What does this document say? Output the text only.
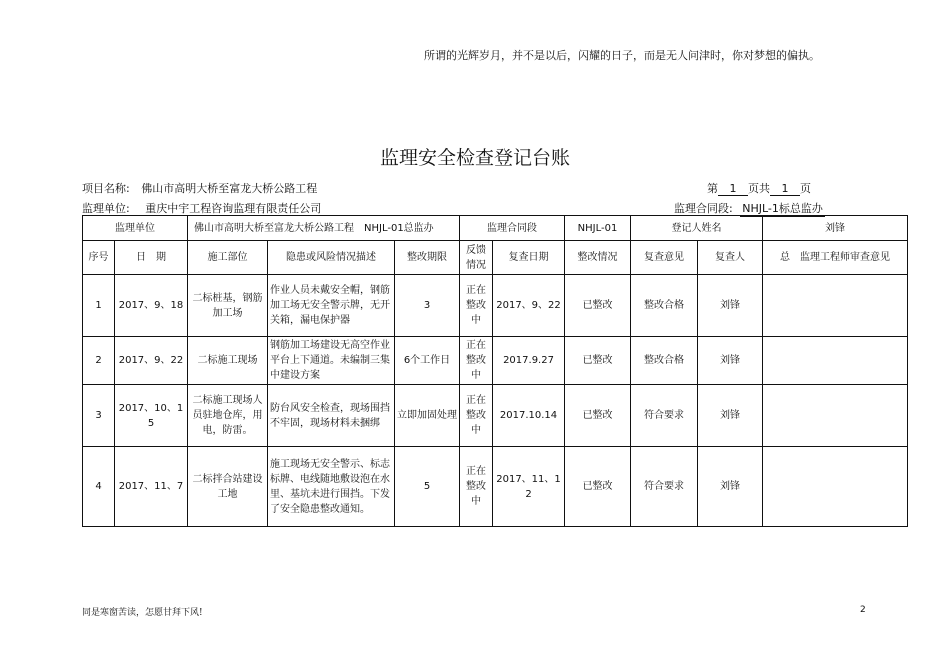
所谓的光辉岁月，并不是以后，闪耀的日子，而是无人问津时，你对梦想的偏执。
监理安全检查登记台账
项目名称: 佛山市高明大桥至富龙大桥公路工程	第 1 页共 1 页
监理单位: 重庆中宇工程咨询监理有限责任公司	监理合同段: NHJL-1标总监办
监理单位		佛山市高明大桥至富龙大桥公路工程　 NHJL-01总监办			监理合同段		NHJL-01	登记人姓名		刘锋
序号	日　期	施工部位	隐患或风险情况描述	整改期限	反馈情况	复查日期	整改情况	复查意见	复查人	总　监理工程师审查意见
1	2017、9、18	二标桩基，钢筋加工场	作业人员未戴安全帽，钢筋加工场无安全警示牌，无开关箱，漏电保护器	3	正在整改中	2017、9、22	已整改	整改合格	刘锋	
2	2017、9、22	二标施工现场	钢筋加工场建设无高空作业平台上下通道。未编制三集中建设方案	6个工作日	正在整改中	2017.9.27	已整改	整改合格	刘锋	
3	2017、10、15	二标施工现场人员驻地仓库，用电，防雷。	防台风安全检查，现场围挡不牢固，现场材料未捆绑	立即加固处理	正在整改中	2017.10.14	已整改	符合要求	刘锋	
4	2017、11、7	二标拌合站建设工地	施工现场无安全警示、标志标牌、电线随地敷设泡在水里、基坑未进行围挡。下发了安全隐患整改通知。	5	正在整改中	2017、11、12	已整改	符合要求	刘锋	
同是寒窗苦读，怎愿甘拜下风!	2
